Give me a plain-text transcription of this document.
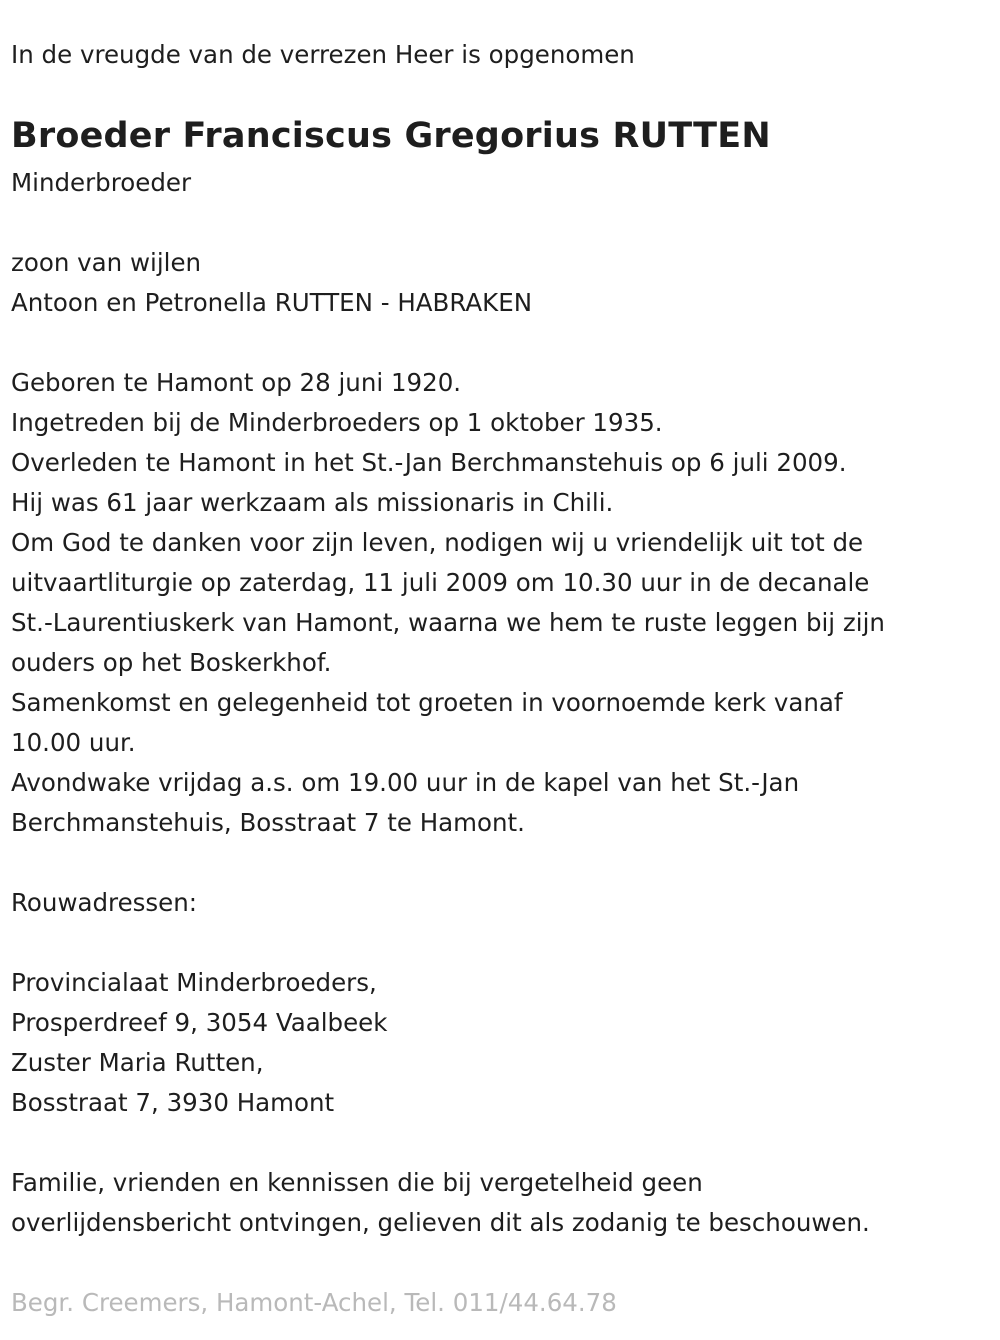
In de vreugde van de verrezen Heer is opgenomen

Broeder Franciscus Gregorius RUTTEN

Minderbroeder

zoon van wijlen

Antoon en Petronella RUTTEN - HABRAKEN

Geboren te Hamont op 28 juni 1920.

Ingetreden bij de Minderbroeders op 1 oktober 1935.

Overleden te Hamont in het St.-Jan Berchmanstehuis op 6 juli 2009.

Hij was 61 jaar werkzaam als missionaris in Chili.

Om God te danken voor zijn leven, nodigen wij u vriendelijk uit tot de

uitvaartliturgie op zaterdag, 11 juli 2009 om 10.30 uur in de decanale

St.-Laurentiuskerk van Hamont, waarna we hem te ruste leggen bij zijn

ouders op het Boskerkhof.

Samenkomst en gelegenheid tot groeten in voornoemde kerk vanaf

10.00 uur.

Avondwake vrijdag a.s. om 19.00 uur in de kapel van het St.-Jan

Berchmanstehuis, Bosstraat 7 te Hamont.

Rouwadressen:

Provincialaat Minderbroeders,

Prosperdreef 9, 3054 Vaalbeek

Zuster Maria Rutten,

Bosstraat 7, 3930 Hamont

Familie, vrienden en kennissen die bij vergetelheid geen

overlijdensbericht ontvingen, gelieven dit als zodanig te beschouwen.

Begr. Creemers, Hamont-Achel, Tel. 011/44.64.78
